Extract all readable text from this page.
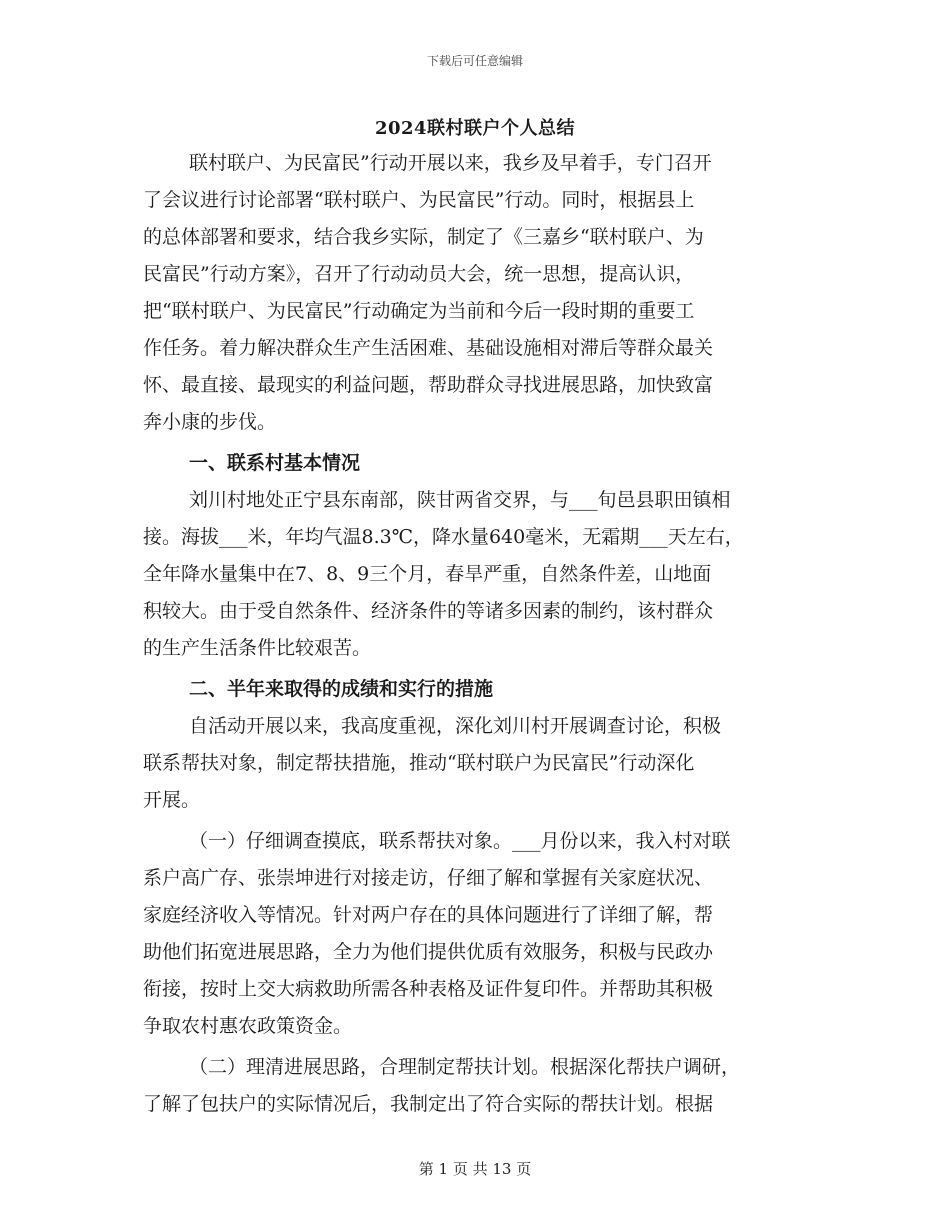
下载后可任意编辑
2024联村联户个人总结
联村联户、为民富民”行动开展以来，我乡及早着手，专门召开
了会议进行讨论部署“联村联户、为民富民”行动。同时，根据县上
的总体部署和要求，结合我乡实际，制定了《三嘉乡“联村联户、为
民富民”行动方案》，召开了行动动员大会，统一思想，提高认识，
把“联村联户、为民富民”行动确定为当前和今后一段时期的重要工
作任务。着力解决群众生产生活困难、基础设施相对滞后等群众最关
怀、最直接、最现实的利益问题，帮助群众寻找进展思路，加快致富
奔小康的步伐。
一、联系村基本情况
刘川村地处正宁县东南部，陕甘两省交界，与___旬邑县职田镇相
接。海拔___米，年均气温8.3℃，降水量640毫米，无霜期___天左右，
全年降水量集中在7、8、9三个月，春旱严重，自然条件差，山地面
积较大。由于受自然条件、经济条件的等诸多因素的制约，该村群众
的生产生活条件比较艰苦。
二、半年来取得的成绩和实行的措施
自活动开展以来，我高度重视，深化刘川村开展调查讨论，积极
联系帮扶对象，制定帮扶措施，推动“联村联户为民富民”行动深化
开展。
（一）仔细调查摸底，联系帮扶对象。___月份以来，我入村对联
系户高广存、张崇坤进行对接走访，仔细了解和掌握有关家庭状况、
家庭经济收入等情况。针对两户存在的具体问题进行了详细了解，帮
助他们拓宽进展思路，全力为他们提供优质有效服务，积极与民政办
衔接，按时上交大病救助所需各种表格及证件复印件。并帮助其积极
争取农村惠农政策资金。
（二）理清进展思路，合理制定帮扶计划。根据深化帮扶户调研，
了解了包扶户的实际情况后，我制定出了符合实际的帮扶计划。根据
第 1 页 共 13 页
